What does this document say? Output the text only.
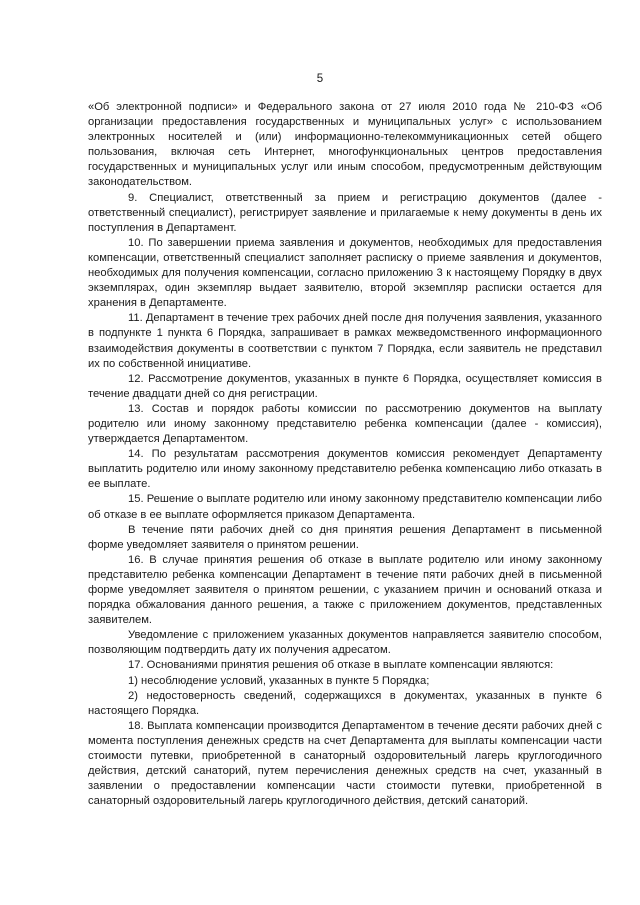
5

«Об электронной подписи» и Федерального закона от 27 июля 2010 года № 210-ФЗ «Об организации предоставления государственных и муниципальных услуг» с использованием электронных носителей и (или) информационно-телекоммуникационных сетей общего пользования, включая сеть Интернет, многофункциональных центров предоставления государственных и муниципальных услуг или иным способом, предусмотренным действующим законодательством.

9. Специалист, ответственный за прием и регистрацию документов (далее - ответственный специалист), регистрирует заявление и прилагаемые к нему документы в день их поступления в Департамент.

10. По завершении приема заявления и документов, необходимых для предоставления компенсации, ответственный специалист заполняет расписку о приеме заявления и документов, необходимых для получения компенсации, согласно приложению 3 к настоящему Порядку в двух экземплярах, один экземпляр выдает заявителю, второй экземпляр расписки остается для хранения в Департаменте.

11. Департамент в течение трех рабочих дней после дня получения заявления, указанного в подпункте 1 пункта 6 Порядка, запрашивает в рамках межведомственного информационного взаимодействия документы в соответствии с пунктом 7 Порядка, если заявитель не представил их по собственной инициативе.

12. Рассмотрение документов, указанных в пункте 6 Порядка, осуществляет комиссия в течение двадцати дней со дня регистрации.

13. Состав и порядок работы комиссии по рассмотрению документов на выплату родителю или иному законному представителю ребенка компенсации (далее - комиссия), утверждается Департаментом.

14. По результатам рассмотрения документов комиссия рекомендует Департаменту выплатить родителю или иному законному представителю ребенка компенсацию либо отказать в ее выплате.

15. Решение о выплате родителю или иному законному представителю компенсации либо об отказе в ее выплате оформляется приказом Департамента.

В течение пяти рабочих дней со дня принятия решения Департамент в письменной форме уведомляет заявителя о принятом решении.

16. В случае принятия решения об отказе в выплате родителю или иному законному представителю ребенка компенсации Департамент в течение пяти рабочих дней в письменной форме уведомляет заявителя о принятом решении, с указанием причин и оснований отказа и порядка обжалования данного решения, а также с приложением документов, представленных заявителем.

Уведомление с приложением указанных документов направляется заявителю способом, позволяющим подтвердить дату их получения адресатом.

17. Основаниями принятия решения об отказе в выплате компенсации являются:

1) несоблюдение условий, указанных в пункте 5 Порядка;

2) недостоверность сведений, содержащихся в документах, указанных в пункте 6 настоящего Порядка.

18. Выплата компенсации производится Департаментом в течение десяти рабочих дней с момента поступления денежных средств на счет Департамента для выплаты компенсации части стоимости путевки, приобретенной в санаторный оздоровительный лагерь круглогодичного действия, детский санаторий, путем перечисления денежных средств на счет, указанный в заявлении о предоставлении компенсации части стоимости путевки, приобретенной в санаторный оздоровительный лагерь круглогодичного действия, детский санаторий.
